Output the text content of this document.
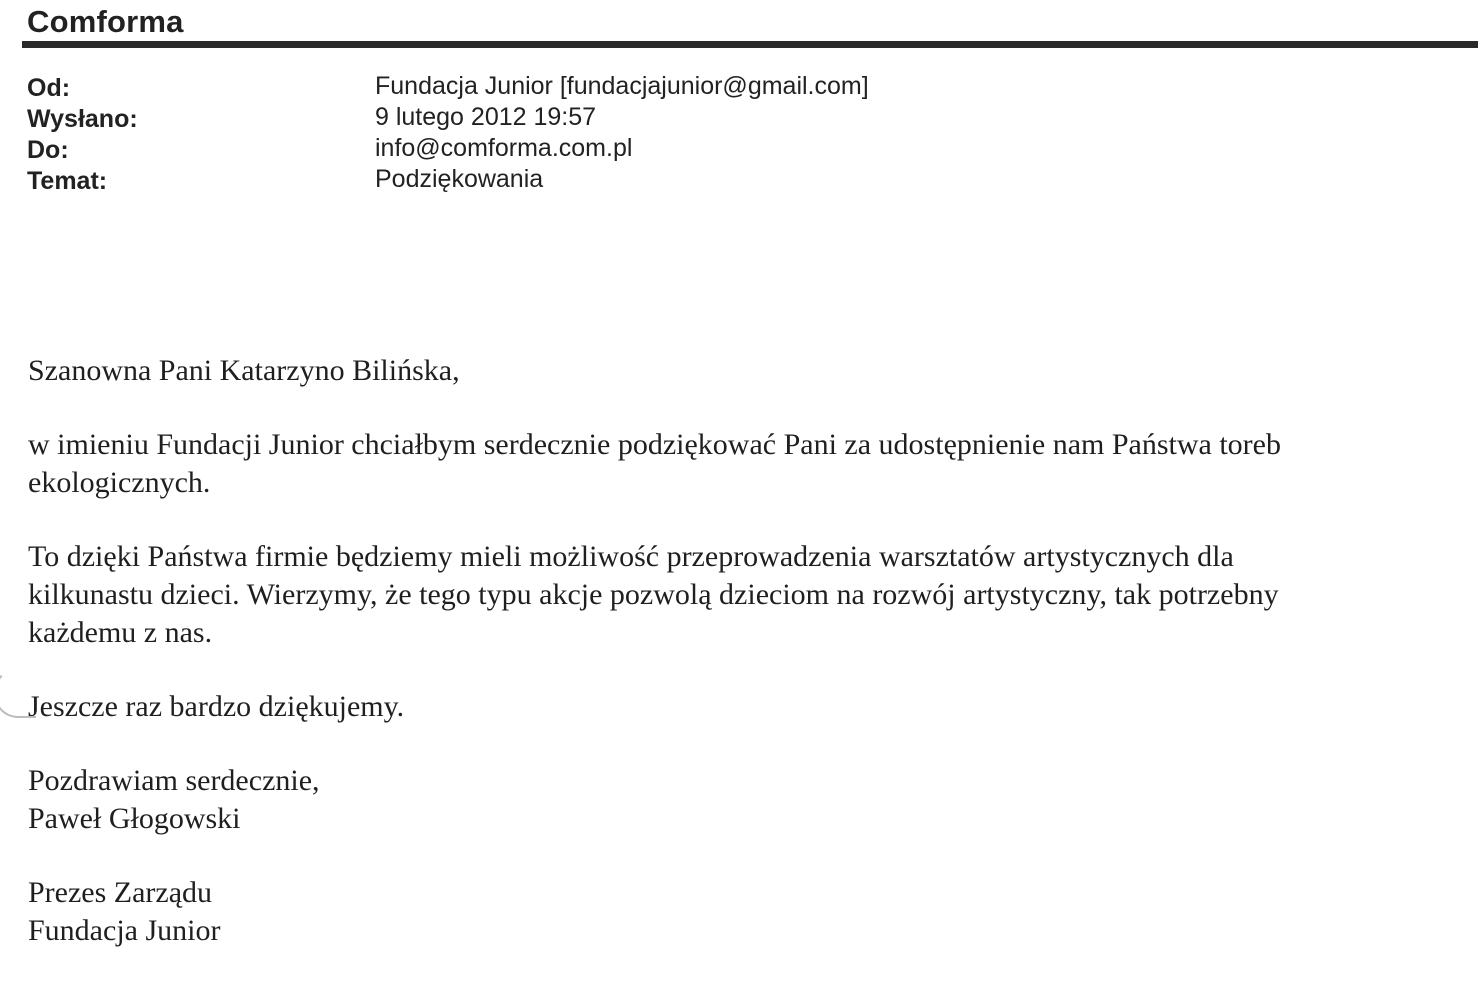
Comforma
Od:	Fundacja Junior [fundacjajunior@gmail.com]
Wysłano:	9 lutego 2012 19:57
Do:	info@comforma.com.pl
Temat:	Podziękowania

Szanowna Pani Katarzyno Bilińska,

w imieniu Fundacji Junior chciałbym serdecznie podziękować Pani za udostępnienie nam Państwa toreb
ekologicznych.

To dzięki Państwa firmie będziemy mieli możliwość przeprowadzenia warsztatów artystycznych dla
kilkunastu dzieci. Wierzymy, że tego typu akcje pozwolą dzieciom na rozwój artystyczny, tak potrzebny
każdemu z nas.

Jeszcze raz bardzo dziękujemy.

Pozdrawiam serdecznie,
Paweł Głogowski

Prezes Zarządu
Fundacja Junior
